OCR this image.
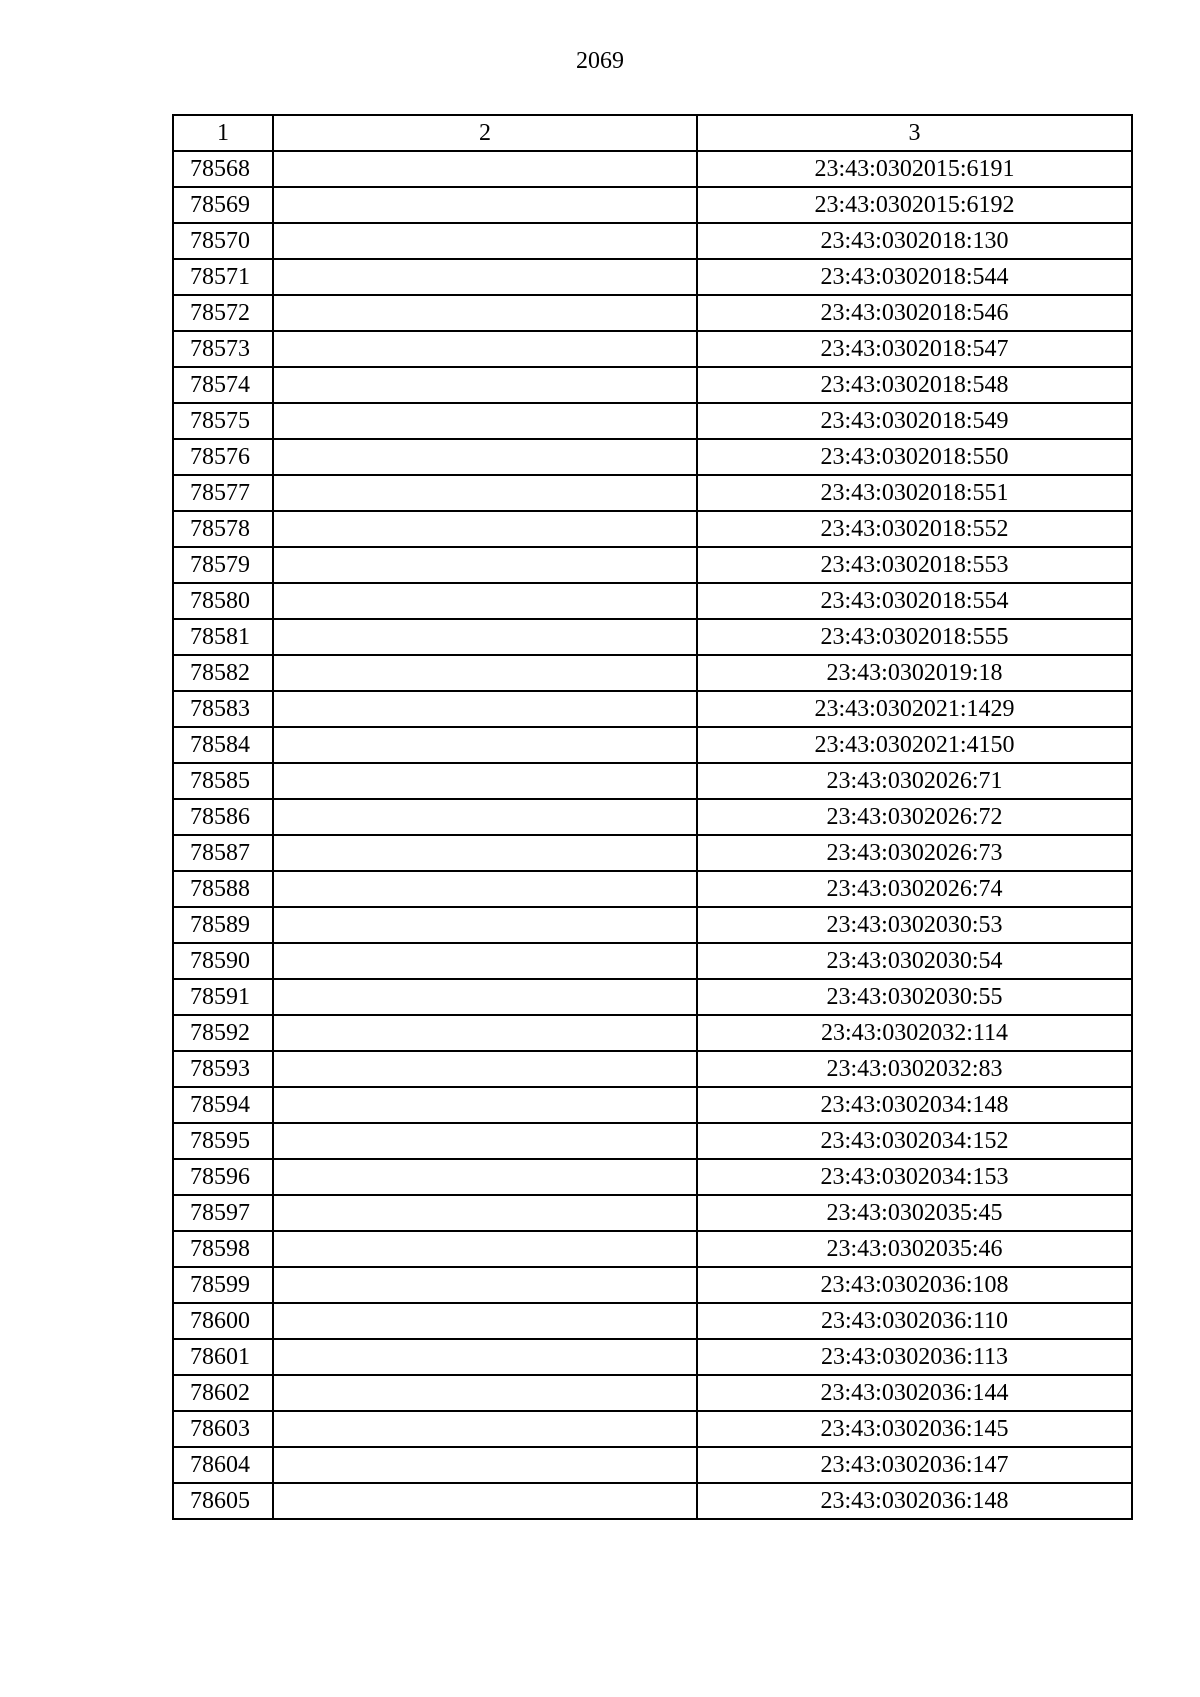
2069
1	2	3
78568		23:43:0302015:6191
78569		23:43:0302015:6192
78570		23:43:0302018:130
78571		23:43:0302018:544
78572		23:43:0302018:546
78573		23:43:0302018:547
78574		23:43:0302018:548
78575		23:43:0302018:549
78576		23:43:0302018:550
78577		23:43:0302018:551
78578		23:43:0302018:552
78579		23:43:0302018:553
78580		23:43:0302018:554
78581		23:43:0302018:555
78582		23:43:0302019:18
78583		23:43:0302021:1429
78584		23:43:0302021:4150
78585		23:43:0302026:71
78586		23:43:0302026:72
78587		23:43:0302026:73
78588		23:43:0302026:74
78589		23:43:0302030:53
78590		23:43:0302030:54
78591		23:43:0302030:55
78592		23:43:0302032:114
78593		23:43:0302032:83
78594		23:43:0302034:148
78595		23:43:0302034:152
78596		23:43:0302034:153
78597		23:43:0302035:45
78598		23:43:0302035:46
78599		23:43:0302036:108
78600		23:43:0302036:110
78601		23:43:0302036:113
78602		23:43:0302036:144
78603		23:43:0302036:145
78604		23:43:0302036:147
78605		23:43:0302036:148
